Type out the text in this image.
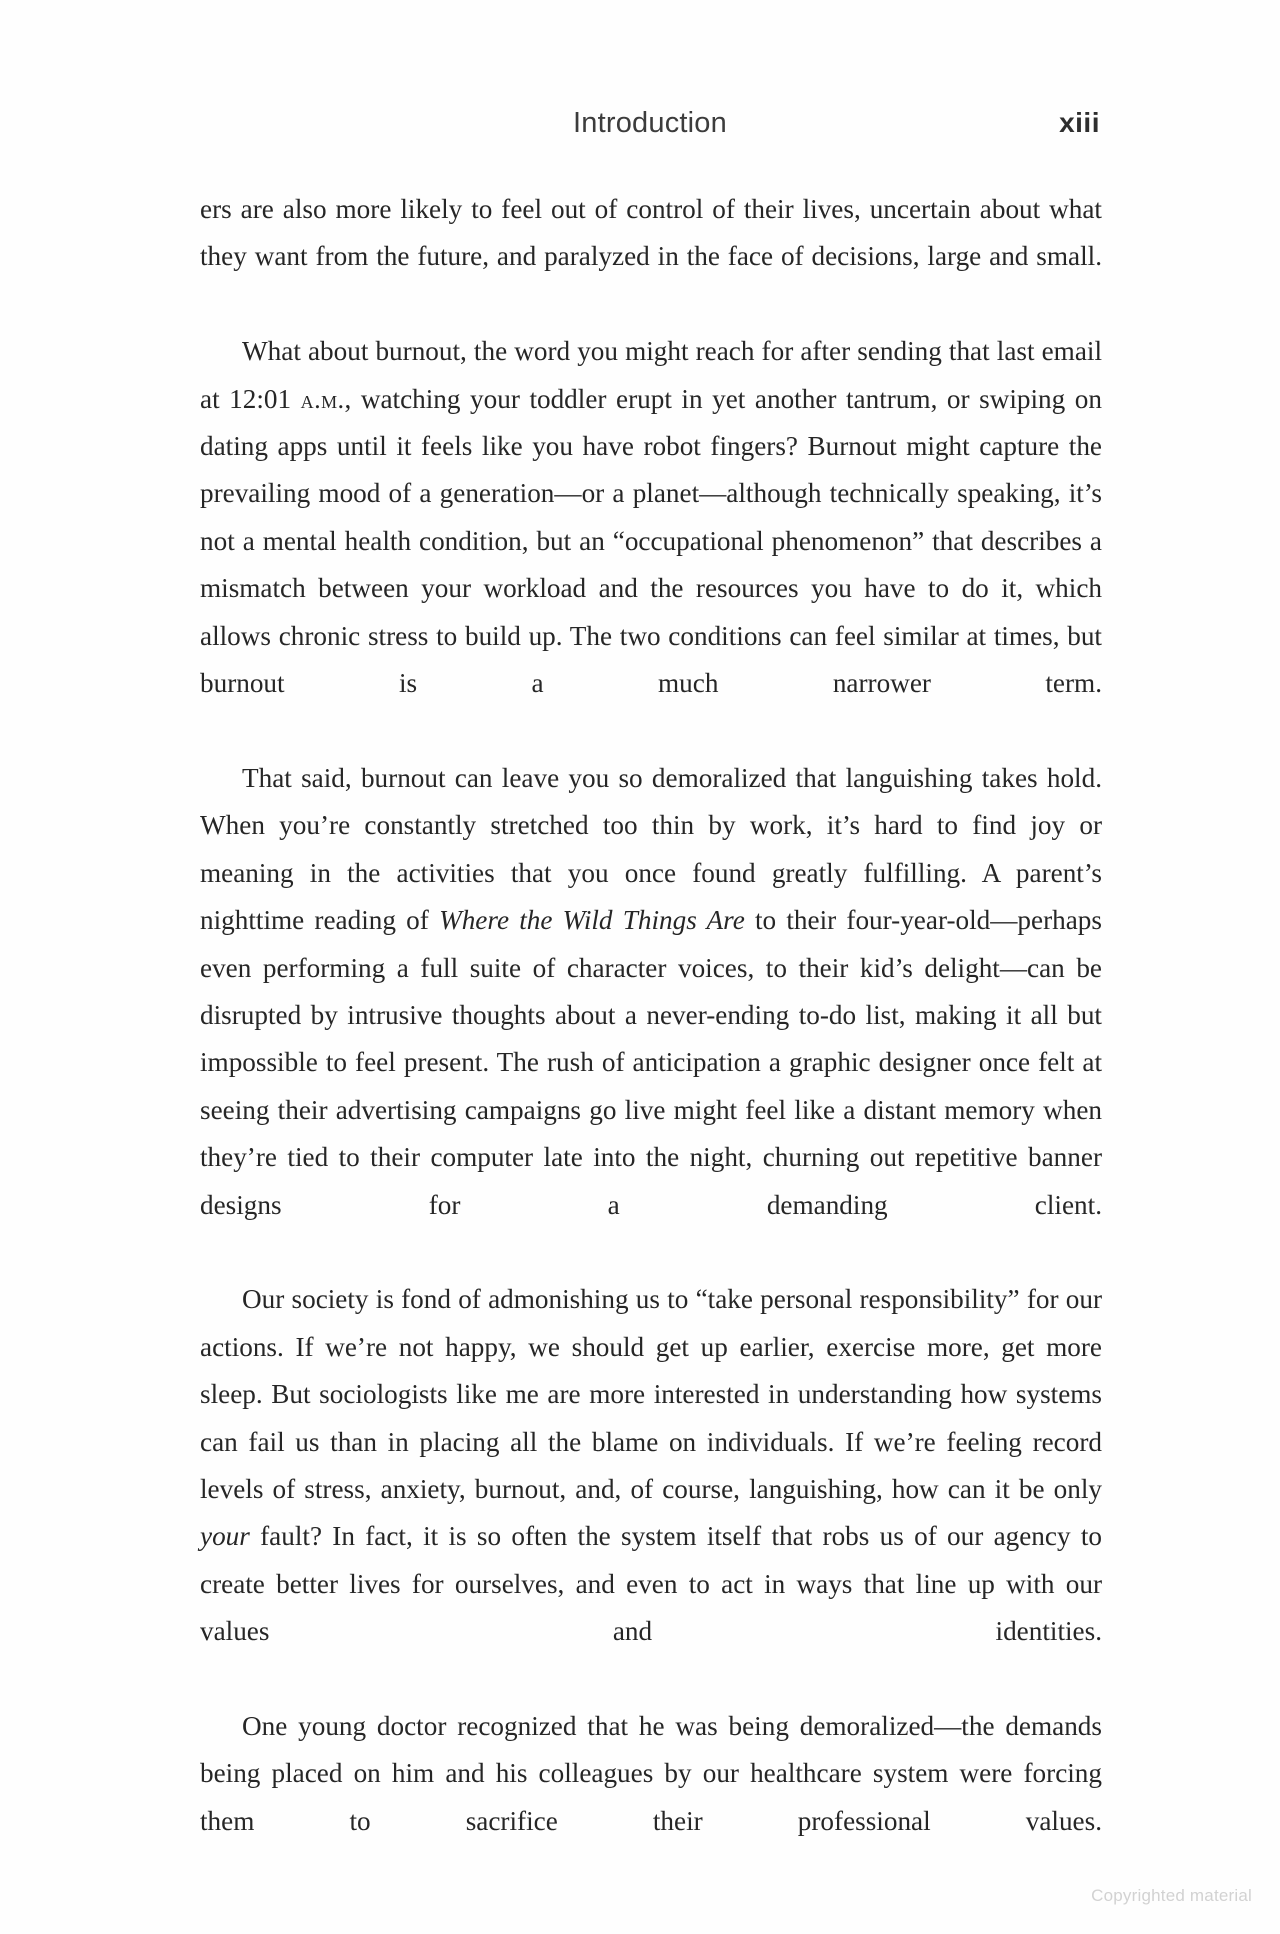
Introduction	xiii

ers are also more likely to feel out of control of their lives, uncertain about what they want from the future, and paralyzed in the face of decisions, large and small.

What about burnout, the word you might reach for after sending that last email at 12:01 a.m., watching your toddler erupt in yet another tantrum, or swiping on dating apps until it feels like you have robot fingers? Burnout might capture the prevailing mood of a generation—or a planet—although technically speaking, it’s not a mental health condition, but an “occupational phenomenon” that describes a mismatch between your workload and the resources you have to do it, which allows chronic stress to build up. The two conditions can feel similar at times, but burnout is a much narrower term.

That said, burnout can leave you so demoralized that languishing takes hold. When you’re constantly stretched too thin by work, it’s hard to find joy or meaning in the activities that you once found greatly fulfilling. A parent’s nighttime reading of Where the Wild Things Are to their four-year-old—perhaps even performing a full suite of character voices, to their kid’s delight—can be disrupted by intrusive thoughts about a never-ending to-do list, making it all but impossible to feel present. The rush of anticipation a graphic designer once felt at seeing their advertising campaigns go live might feel like a distant memory when they’re tied to their computer late into the night, churning out repetitive banner designs for a demanding client.

Our society is fond of admonishing us to “take personal responsibility” for our actions. If we’re not happy, we should get up earlier, exercise more, get more sleep. But sociologists like me are more interested in understanding how systems can fail us than in placing all the blame on individuals. If we’re feeling record levels of stress, anxiety, burnout, and, of course, languishing, how can it be only your fault? In fact, it is so often the system itself that robs us of our agency to create better lives for ourselves, and even to act in ways that line up with our values and identities.

One young doctor recognized that he was being demoralized—the demands being placed on him and his colleagues by our healthcare system were forcing them to sacrifice their professional values.

Copyrighted material
